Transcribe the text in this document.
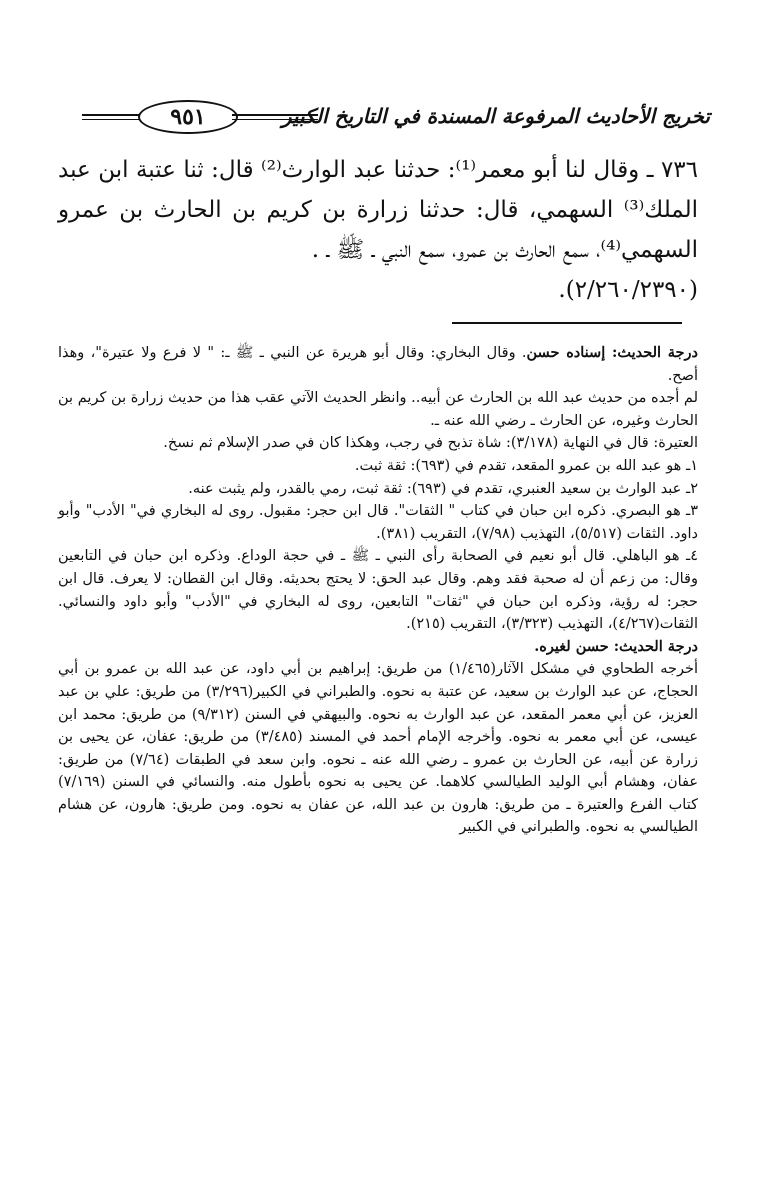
تخريج الأحاديث المرفوعة المسندة في التاريخ الكبير
٩٥١

٧٣٦ ـ وقال لنا أبو معمر⁽¹⁾: حدثنا عبد الوارث⁽²⁾ قال: ثنا عتبة ابن عبد الملك⁽³⁾ السهمي، قال: حدثنا زرارة بن كريم بن الحارث بن عمرو السهمي⁽⁴⁾، سمع الحارث بن عمرو، سمع النبي ـ ﷺ ـ .

(٢/٢٦٠/٢٣٩٠).

درجة الحديث: إسناده حسن. وقال البخاري: وقال أبو هريرة عن النبي ـ ﷺ ـ: " لا فرع ولا عتيرة"، وهذا أصح.

لم أجده من حديث عبد الله بن الحارث عن أبيه.. وانظر الحديث الآتي عقب هذا من حديث زرارة بن كريم بن الحارث وغيره، عن الحارث ـ رضي الله عنه ـ.

العتيرة: قال في النهاية (٣/١٧٨): شاة تذبح في رجب، وهكذا كان في صدر الإسلام ثم نسخ.

١ـ هو عبد الله بن عمرو المقعد، تقدم في (٦٩٣): ثقة ثبت.

٢ـ عبد الوارث بن سعيد العنبري، تقدم في (٦٩٣): ثقة ثبت، رمي بالقدر، ولم يثبت عنه.

٣ـ هو البصري. ذكره ابن حبان في كتاب " الثقات". قال ابن حجر: مقبول. روى له البخاري في" الأدب" وأبو داود. الثقات (٥/٥١٧)، التهذيب (٧/٩٨)، التقريب (٣٨١).

٤ـ هو الباهلي. قال أبو نعيم في الصحابة رأى النبي ـ ﷺ ـ في حجة الوداع. وذكره ابن حبان في التابعين وقال: من زعم أن له صحبة فقد وهم. وقال عبد الحق: لا يحتج بحديثه. وقال ابن القطان: لا يعرف. قال ابن حجر: له رؤية، وذكره ابن حبان في "ثقات" التابعين، روى له البخاري في "الأدب" وأبو داود والنسائي. الثقات(٤/٢٦٧)، التهذيب (٣/٣٢٣)، التقريب (٢١٥).

درجة الحديث: حسن لغيره.

أخرجه الطحاوي في مشكل الآثار(١/٤٦٥) من طريق: إبراهيم بن أبي داود، عن عبد الله بن عمرو بن أبي الحجاج، عن عبد الوارث بن سعيد، عن عتبة به نحوه. والطبراني في الكبير(٣/٢٩٦) من طريق: علي بن عبد العزيز، عن أبي معمر المقعد، عن عبد الوارث به نحوه. والبيهقي في السنن (٩/٣١٢) من طريق: محمد ابن عيسى، عن أبي معمر به نحوه. وأخرجه الإمام أحمد في المسند (٣/٤٨٥) من طريق: عفان، عن يحيى بن زرارة عن أبيه، عن الحارث بن عمرو ـ رضي الله عنه ـ نحوه. وابن سعد في الطبقات (٧/٦٤) من طريق: عفان، وهشام أبي الوليد الطيالسي كلاهما. عن يحيى به نحوه بأطول منه. والنسائي في السنن (٧/١٦٩) كتاب الفرع والعتيرة ـ من طريق: هارون بن عبد الله، عن عفان به نحوه. ومن طريق: هارون، عن هشام الطيالسي به نحوه. والطبراني في الكبير
